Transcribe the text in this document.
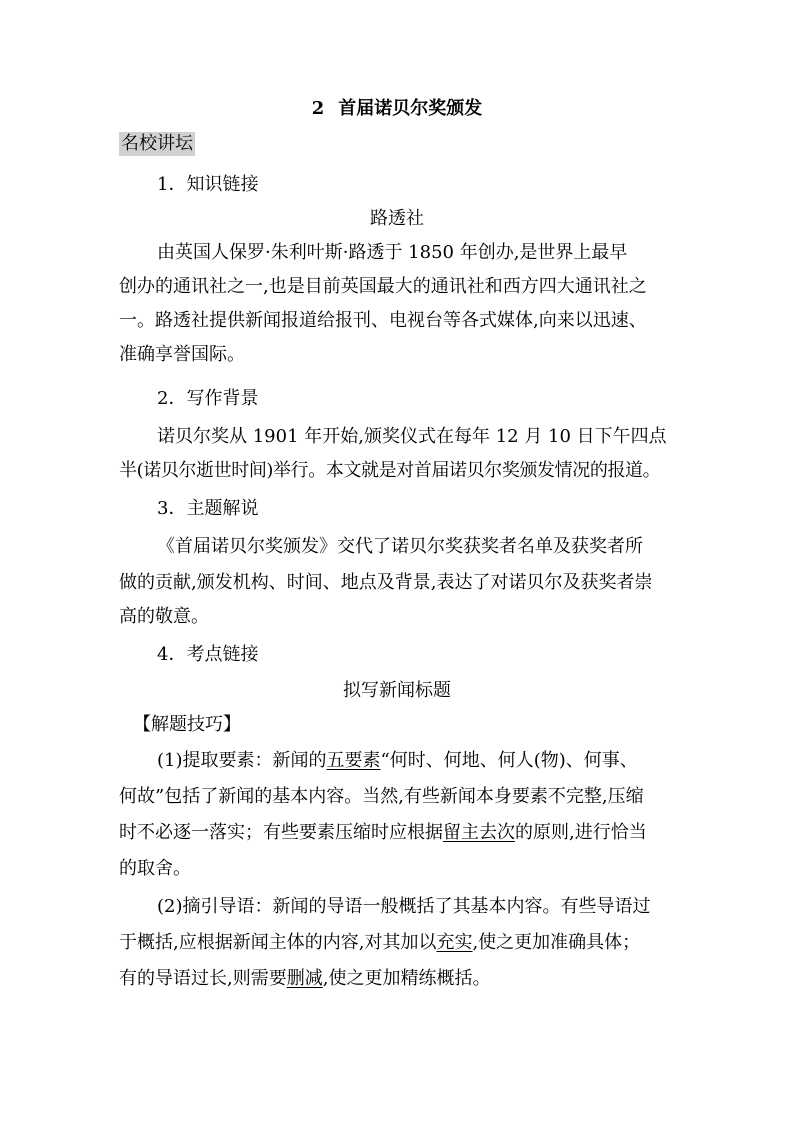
2 首届诺贝尔奖颁发
名校讲坛
1．知识链接
路透社
由英国人保罗·朱利叶斯·路透于 1850 年创办,是世界上最早
创办的通讯社之一,也是目前英国最大的通讯社和西方四大通讯社之
一。路透社提供新闻报道给报刊、电视台等各式媒体,向来以迅速、
准确享誉国际。
2．写作背景
诺贝尔奖从 1901 年开始,颁奖仪式在每年 12 月 10 日下午四点
半(诺贝尔逝世时间)举行。本文就是对首届诺贝尔奖颁发情况的报道。
3．主题解说
《首届诺贝尔奖颁发》交代了诺贝尔奖获奖者名单及获奖者所
做的贡献,颁发机构、时间、地点及背景,表达了对诺贝尔及获奖者崇
高的敬意。
4．考点链接
拟写新闻标题
【解题技巧】
(1)提取要素：新闻的五要素“何时、何地、何人(物)、何事、
何故”包括了新闻的基本内容。当然,有些新闻本身要素不完整,压缩
时不必逐一落实；有些要素压缩时应根据留主去次的原则,进行恰当
的取舍。
(2)摘引导语：新闻的导语一般概括了其基本内容。有些导语过
于概括,应根据新闻主体的内容,对其加以充实,使之更加准确具体；
有的导语过长,则需要删减,使之更加精练概括。
